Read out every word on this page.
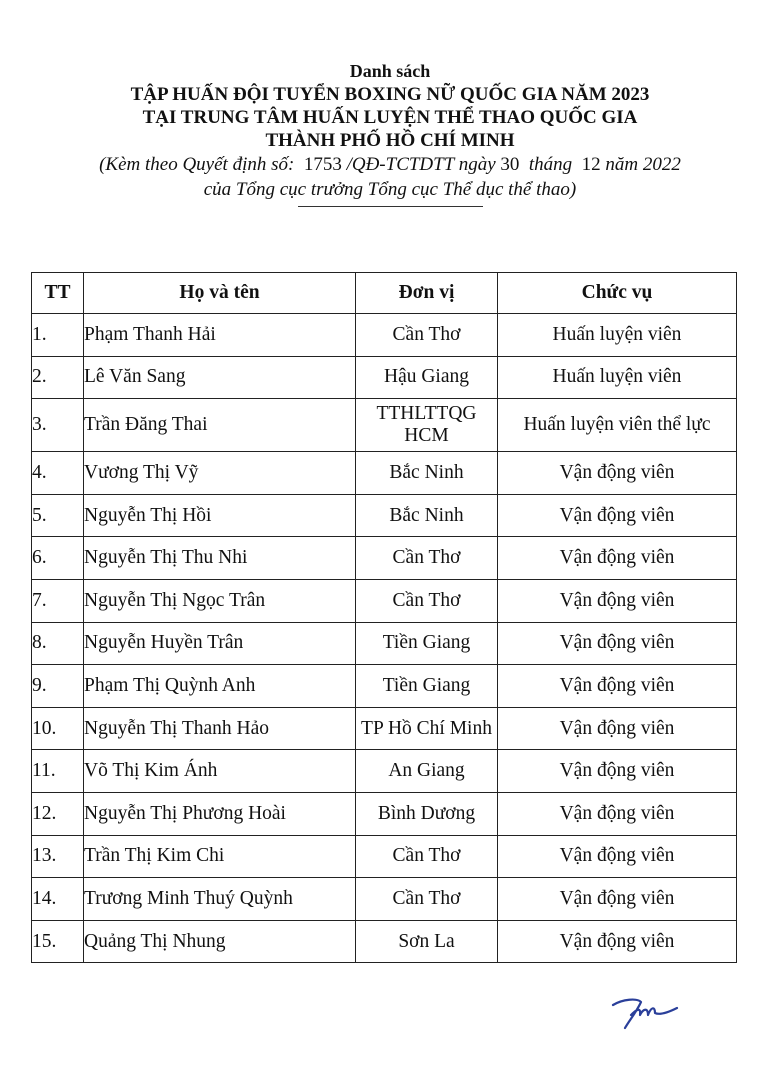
Danh sách
TẬP HUẤN ĐỘI TUYỂN BOXING NỮ QUỐC GIA NĂM 2023
TẠI TRUNG TÂM HUẤN LUYỆN THỂ THAO QUỐC GIA
THÀNH PHỐ HỒ CHÍ MINH
(Kèm theo Quyết định số: 1753 /QĐ-TCTDTT ngày 30 tháng 12 năm 2022
của Tổng cục trưởng Tổng cục Thể dục thể thao)
TT	Họ và tên	Đơn vị	Chức vụ
1.	Phạm Thanh Hải	Cần Thơ	Huấn luyện viên
2.	Lê Văn Sang	Hậu Giang	Huấn luyện viên
3.	Trần Đăng Thai	TTHLTTQG HCM	Huấn luyện viên thể lực
4.	Vương Thị Vỹ	Bắc Ninh	Vận động viên
5.	Nguyễn Thị Hồi	Bắc Ninh	Vận động viên
6.	Nguyễn Thị Thu Nhi	Cần Thơ	Vận động viên
7.	Nguyễn Thị Ngọc Trân	Cần Thơ	Vận động viên
8.	Nguyễn Huyền Trân	Tiền Giang	Vận động viên
9.	Phạm Thị Quỳnh Anh	Tiền Giang	Vận động viên
10.	Nguyễn Thị Thanh Hảo	TP Hồ Chí Minh	Vận động viên
11.	Võ Thị Kim Ánh	An Giang	Vận động viên
12.	Nguyễn Thị Phương Hoài	Bình Dương	Vận động viên
13.	Trần Thị Kim Chi	Cần Thơ	Vận động viên
14.	Trương Minh Thuý Quỳnh	Cần Thơ	Vận động viên
15.	Quảng Thị Nhung	Sơn La	Vận động viên
